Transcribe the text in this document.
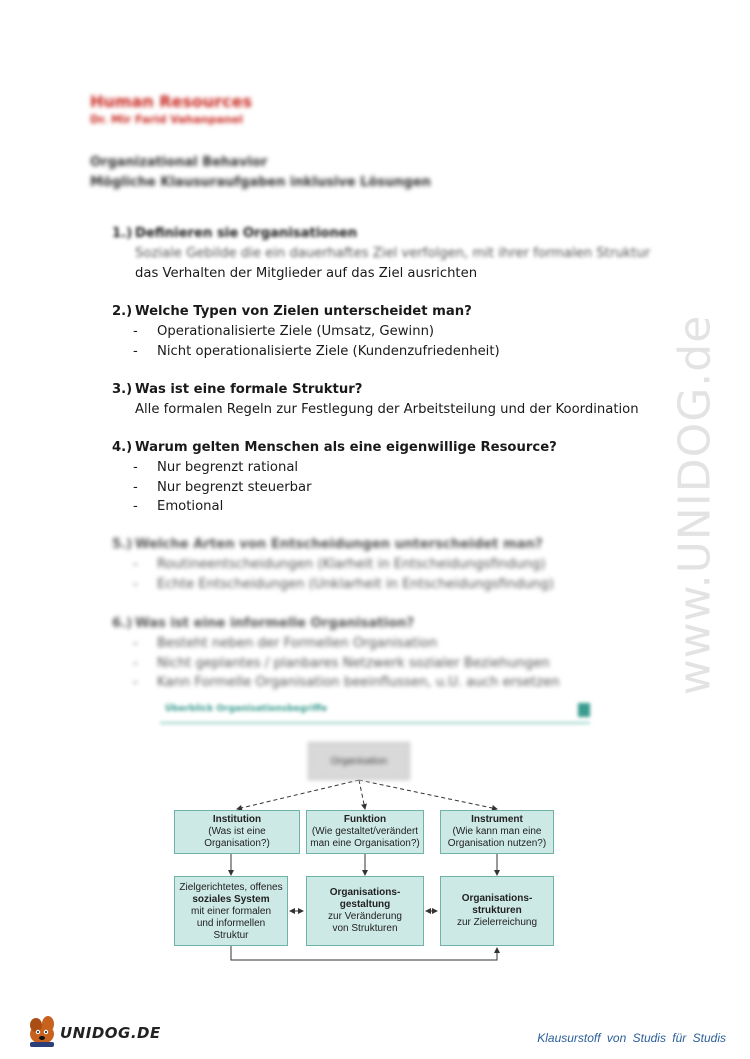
Human Resources
Dr. Mir Farid Vahanpanel
Organizational Behavior
Mögliche Klausuraufgaben inklusive Lösungen
1.) Definieren sie Organisationen
Soziale Gebilde die ein dauerhaftes Ziel verfolgen, mit ihrer formalen Struktur
das Verhalten der Mitglieder auf das Ziel ausrichten
2.) Welche Typen von Zielen unterscheidet man?
-	Operationalisierte Ziele (Umsatz, Gewinn)
-	Nicht operationalisierte Ziele (Kundenzufriedenheit)
3.) Was ist eine formale Struktur?
Alle formalen Regeln zur Festlegung der Arbeitsteilung und der Koordination
4.) Warum gelten Menschen als eine eigenwillige Resource?
-	Nur begrenzt rational
-	Nur begrenzt steuerbar
-	Emotional
5.) Welche Arten von Entscheidungen unterscheidet man?
-	Routineentscheidungen (Klarheit in Entscheidungsfindung)
-	Echte Entscheidungen (Unklarheit in Entscheidungsfindung)
6.) Was ist eine informelle Organisation?
-	Besteht neben der Formellen Organisation
-	Nicht geplantes / planbares Netzwerk sozialer Beziehungen
-	Kann Formelle Organisation beeinflussen, u.U. auch ersetzen www.UNIDOG.de
Überblick Organisationsbegriffe
Organisation
Institution
(Was ist eine
Organisation?)
Funktion
(Wie gestaltet/verändert
man eine Organisation?)
Instrument
(Wie kann man eine
Organisation nutzen?)
Zielgerichtetes, offenes
soziales System
mit einer formalen
und informellen
Struktur
Organisations-
gestaltung
zur Veränderung
von Strukturen
Organisations-
strukturen
zur Zielerreichung
UNIDOG.DE	Klausurstoff von Studis für Studis
